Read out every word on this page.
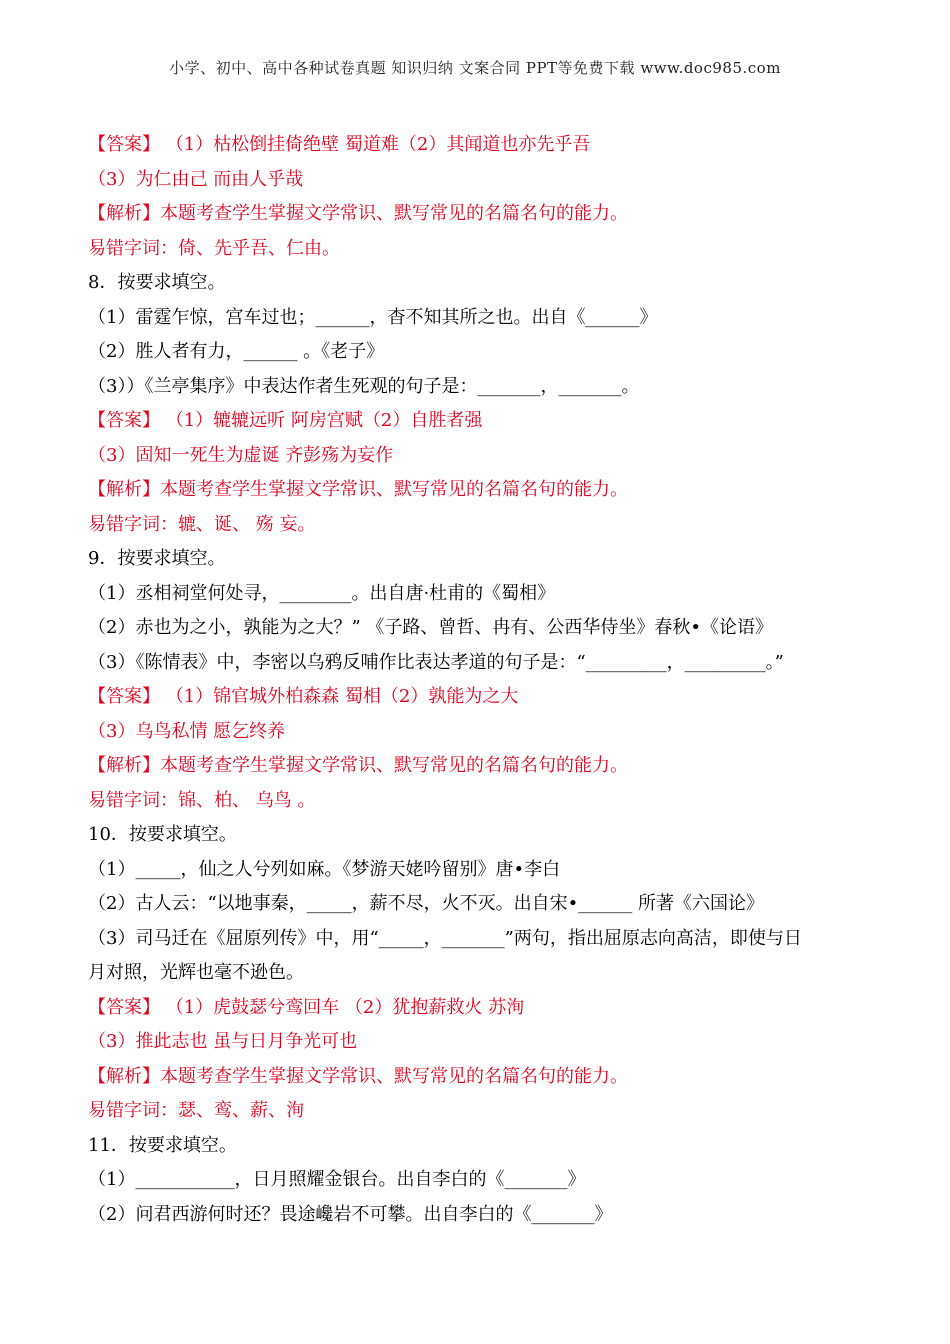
小学、初中、高中各种试卷真题 知识归纳 文案合同 PPT等免费下载 www.doc985.com
【答案】 （1）枯松倒挂倚绝壁 蜀道难（2）其闻道也亦先乎吾
（3）为仁由己 而由人乎哉
【解析】本题考查学生掌握文学常识、默写常见的名篇名句的能力。
易错字词：倚、先乎吾、仁由。
8．按要求填空。
（1）雷霆乍惊，宫车过也；______，杳不知其所之也。出自《______》
（2）胜人者有力，______ 。《老子》
（3））《兰亭集序》中表达作者生死观的句子是：_______，_______。
【答案】 （1）辘辘远听 阿房宫赋（2）自胜者强
（3）固知一死生为虚诞 齐彭殇为妄作
【解析】本题考查学生掌握文学常识、默写常见的名篇名句的能力。
易错字词：辘、诞、 殇 妄。
9．按要求填空。
（1）丞相祠堂何处寻，________。出自唐·杜甫的《蜀相》
（2）赤也为之小，孰能为之大？” 《子路、曾哲、冉有、公西华侍坐》春秋•《论语》
（3）《陈情表》中，李密以乌鸦反哺作比表达孝道的句子是：“_________，_________。”
【答案】 （1）锦官城外柏森森 蜀相（2）孰能为之大
（3）乌鸟私情 愿乞终养
【解析】本题考查学生掌握文学常识、默写常见的名篇名句的能力。
易错字词：锦、柏、 乌鸟 。
10．按要求填空。
（1）_____，仙之人兮列如麻。《梦游天姥吟留别》唐•李白
（2）古人云：“以地事秦，_____，薪不尽，火不灭。出自宋•______ 所著《六国论》
（3）司马迁在《屈原列传》中，用“_____，_______”两句，指出屈原志向高洁，即使与日
月对照，光辉也毫不逊色。
【答案】 （1）虎鼓瑟兮鸾回车 （2）犹抱薪救火 苏洵
（3）推此志也 虽与日月争光可也
【解析】本题考查学生掌握文学常识、默写常见的名篇名句的能力。
易错字词：瑟、鸾、薪、洵
11．按要求填空。
（1）___________，日月照耀金银台。出自李白的《_______》
（2）问君西游何时还？畏途巉岩不可攀。出自李白的《_______》
